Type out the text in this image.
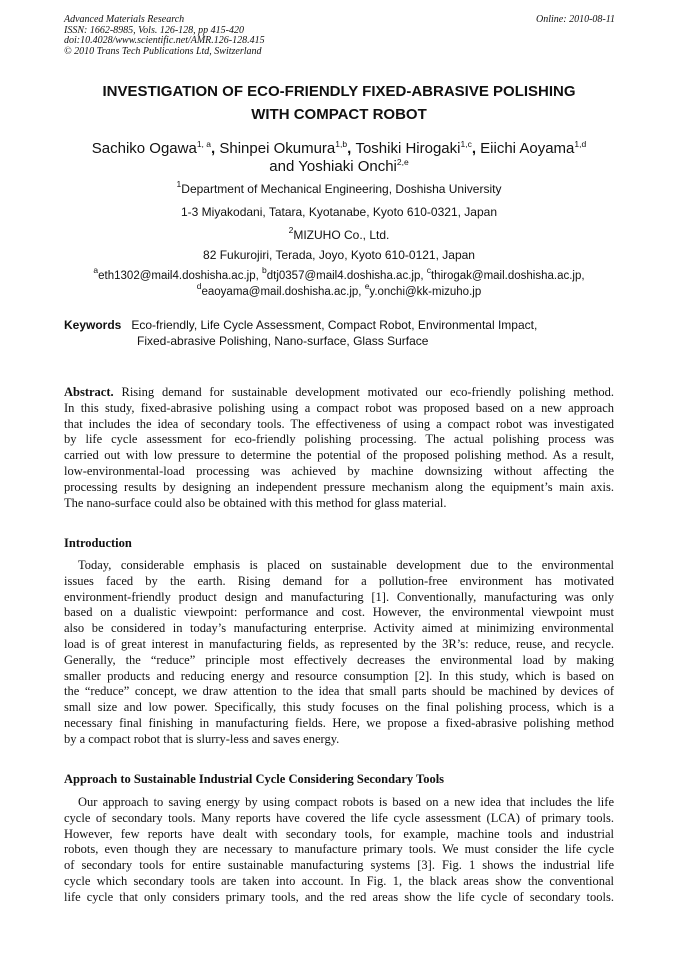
Advanced Materials Research
ISSN: 1662-8985, Vols. 126-128, pp 415-420
doi:10.4028/www.scientific.net/AMR.126-128.415
© 2010 Trans Tech Publications Ltd, Switzerland
Online: 2010-08-11
INVESTIGATION OF ECO-FRIENDLY FIXED-ABRASIVE POLISHING
WITH COMPACT ROBOT
Sachiko Ogawa$^{1, a}$, Shinpei Okumura$^{1,b}$, Toshiki Hirogaki$^{1,c}$, Eiichi Aoyama$^{1,d}$
and Yoshiaki Onchi$^{2,e}$
$^1$Department of Mechanical Engineering, Doshisha University
1-3 Miyakodani, Tatara, Kyotanabe, Kyoto 610-0321, Japan
$^2$MIZUHO Co., Ltd.
82 Fukurojiri, Terada, Joyo, Kyoto 610-0121, Japan
$^a$eth1302@mail4.doshisha.ac.jp, $^b$dtj0357@mail4.doshisha.ac.jp, $^c$thirogak@mail.doshisha.ac.jp,
$^d$eaoyama@mail.doshisha.ac.jp, $^e$y.onchi@kk-mizuho.jp
Keywords Eco-friendly, Life Cycle Assessment, Compact Robot, Environmental Impact,
Fixed-abrasive Polishing, Nano-surface, Glass Surface
Abstract. Rising demand for sustainable development motivated our eco-friendly polishing method.
In this study, fixed-abrasive polishing using a compact robot was proposed based on a new approach
that includes the idea of secondary tools. The effectiveness of using a compact robot was investigated
by life cycle assessment for eco-friendly polishing processing. The actual polishing process was
carried out with low pressure to determine the potential of the proposed polishing method. As a result,
low-environmental-load processing was achieved by machine downsizing without affecting the
processing results by designing an independent pressure mechanism along the equipment’s main axis.
The nano-surface could also be obtained with this method for glass material.
Introduction
Today, considerable emphasis is placed on sustainable development due to the environmental
issues faced by the earth. Rising demand for a pollution-free environment has motivated
environment-friendly product design and manufacturing [1]. Conventionally, manufacturing was only
based on a dualistic viewpoint: performance and cost. However, the environmental viewpoint must
also be considered in today’s manufacturing enterprise. Activity aimed at minimizing environmental
load is of great interest in manufacturing fields, as represented by the 3R’s: reduce, reuse, and recycle.
Generally, the “reduce” principle most effectively decreases the environmental load by making
smaller products and reducing energy and resource consumption [2]. In this study, which is based on
the “reduce” concept, we draw attention to the idea that small parts should be machined by devices of
small size and low power. Specifically, this study focuses on the final polishing process, which is a
necessary final finishing in manufacturing fields. Here, we propose a fixed-abrasive polishing method
by a compact robot that is slurry-less and saves energy.
Approach to Sustainable Industrial Cycle Considering Secondary Tools
Our approach to saving energy by using compact robots is based on a new idea that includes the life
cycle of secondary tools. Many reports have covered the life cycle assessment (LCA) of primary tools.
However, few reports have dealt with secondary tools, for example, machine tools and industrial
robots, even though they are necessary to manufacture primary tools. We must consider the life cycle
of secondary tools for entire sustainable manufacturing systems [3]. Fig. 1 shows the industrial life
cycle which secondary tools are taken into account. In Fig. 1, the black areas show the conventional
life cycle that only considers primary tools, and the red areas show the life cycle of secondary tools.
